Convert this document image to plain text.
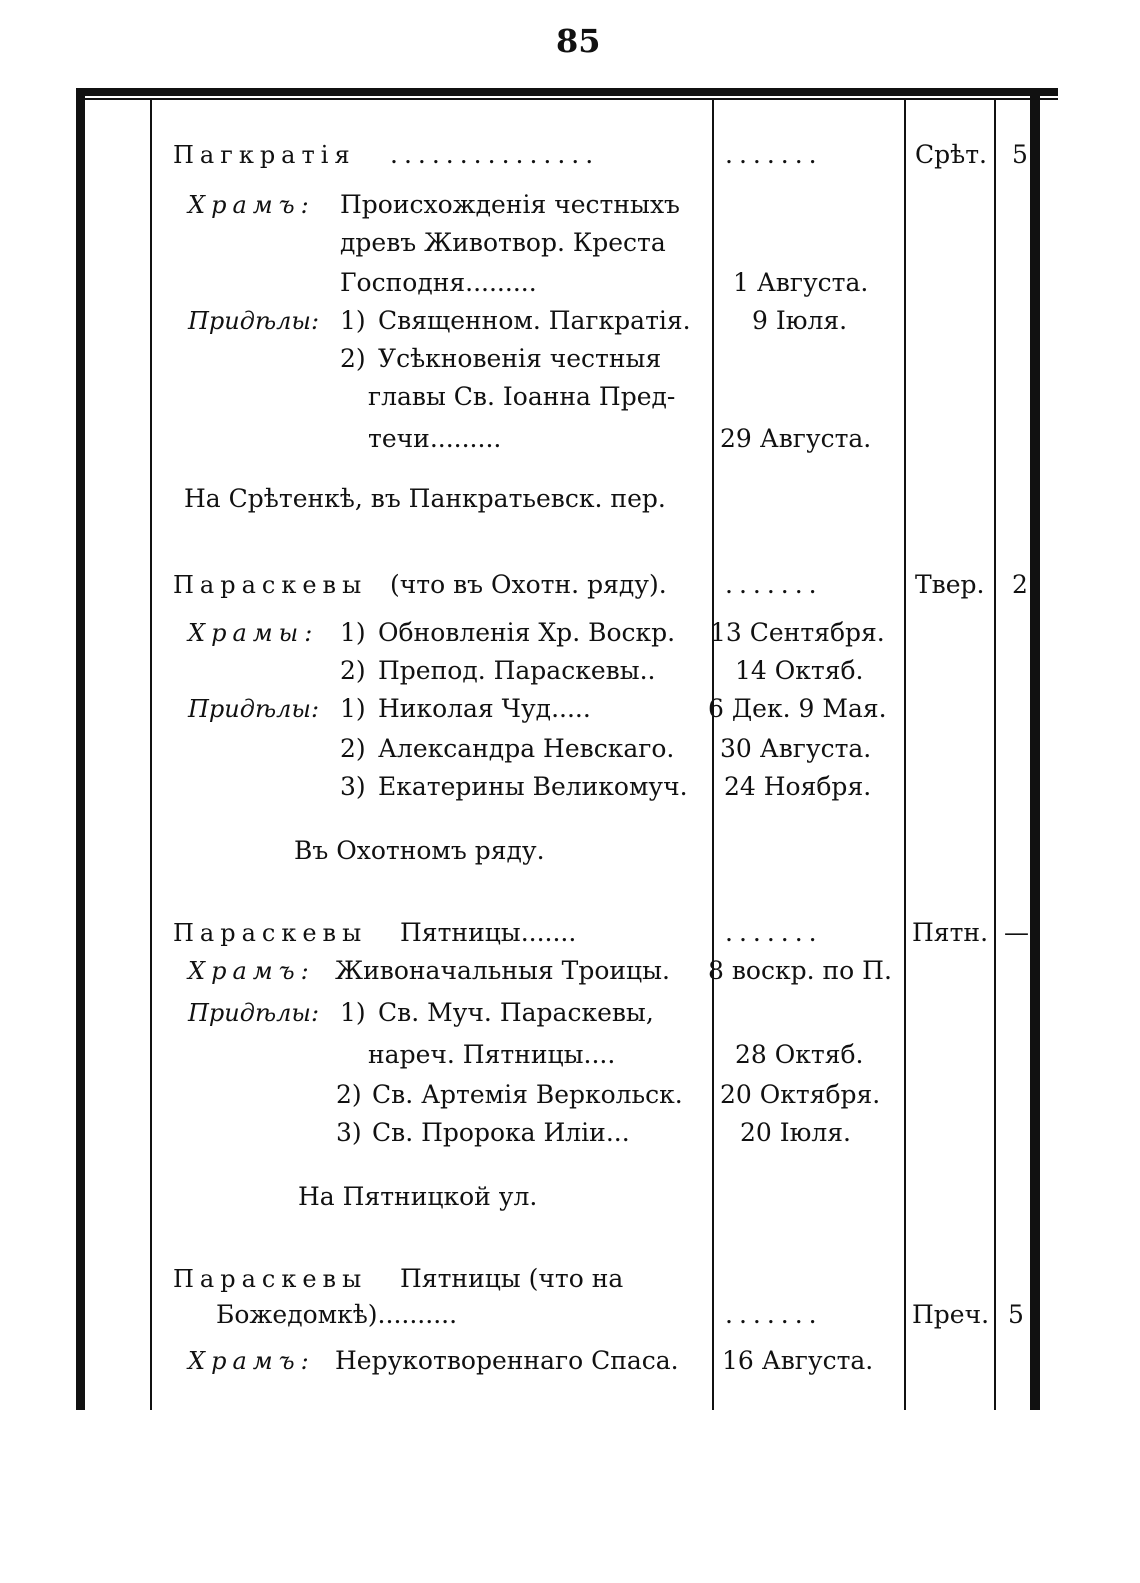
85
Пагкратія ...............	.......	Срѣт. 5
Храмъ: Происхожденія честныхъ
древъ Животвор. Креста
Господня.........	1 Августа.
Придѣлы: 1) Священном. Пагкратія. 9 Іюля.
2) Усѣкновенія честныя
главы Св. Іоанна Пред-
течи.........	29 Августа.
На Срѣтенкѣ, въ Панкратьевск. пер.
Параскевы (что въ Охотн. ряду). .......	Твер. 2
Храмы: 1) Обновленія Хр. Воскр. 13 Сентября.
2) Препод. Параскевы..	14 Октяб.
Придѣлы: 1) Николая Чуд.....	6 Дек. 9 Мая.
2) Александра Невскаго. 30 Августа.
3) Екатерины Великомуч. 24 Ноября.
Въ Охотномъ ряду.
Параскевы Пятницы.......	.......	Пятн. —
Храмъ: Живоначальныя Троицы. 8 воскр. по П.
Придѣлы: 1) Св. Муч. Параскевы,
нареч. Пятницы....	28 Октяб.
2) Св. Артемія Веркольск. 20 Октября.
3) Св. Пророка Иліи...	20 Іюля.
На Пятницкой ул.
Параскевы Пятницы (что на
Божедомкѣ)..........	.......	Преч. 5
Храмъ: Нерукотвореннаго Спаса. 16 Августа.
